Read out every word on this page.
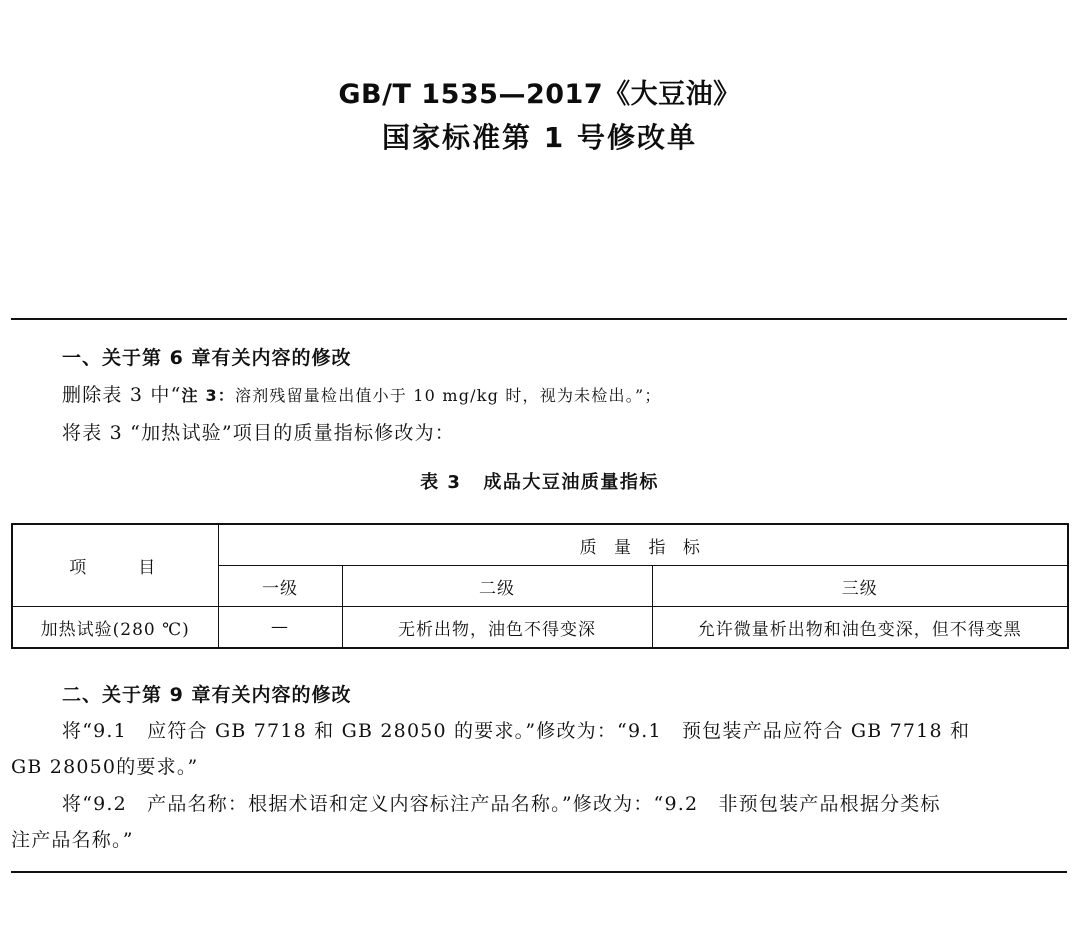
GB/T 1535—2017《大豆油》
国家标准第 1 号修改单
一、关于第 6 章有关内容的修改
删除表 3 中“注 3：溶剂残留量检出值小于 10 mg/kg 时，视为未检出。”；
将表 3 “加热试验”项目的质量指标修改为：
表 3 成品大豆油质量指标
项　　目	质 量 指 标		
	一级	二级	三级
加热试验(280 ℃)	—	无析出物，油色不得变深	允许微量析出物和油色变深，但不得变黑
二、关于第 9 章有关内容的修改
将“9.1　应符合 GB 7718 和 GB 28050 的要求。”修改为：“9.1　预包装产品应符合 GB 7718 和
GB 28050的要求。”
将“9.2　产品名称：根据术语和定义内容标注产品名称。”修改为：“9.2　非预包装产品根据分类标
注产品名称。”
